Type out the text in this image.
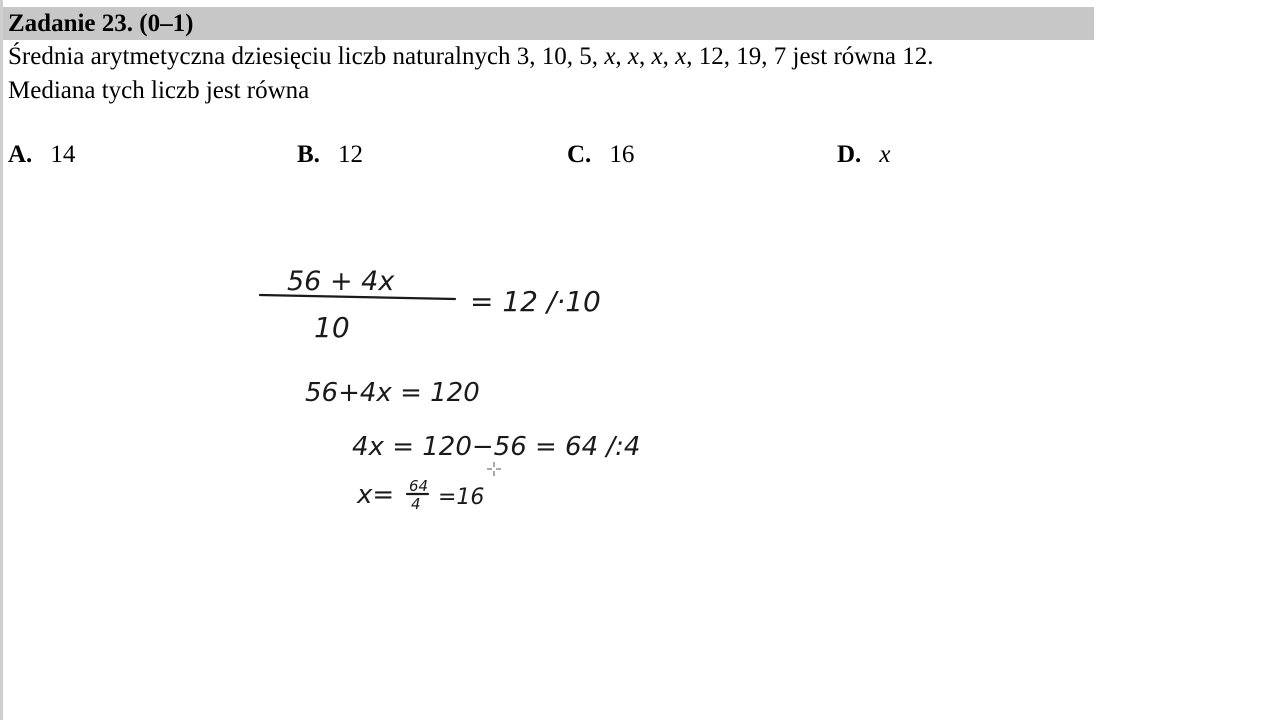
Zadanie 23. (0–1)
Średnia arytmetyczna dziesięciu liczb naturalnych 3, 10, 5, x, x, x, x, 12, 19, 7 jest równa 12.
Mediana tych liczb jest równa
A. 14	B. 12	C. 16	D. x
56 + 4x
10
= 12 /·10
56+4x = 120
4x = 120−56 = 64 /:4
x= 64
4 =16
